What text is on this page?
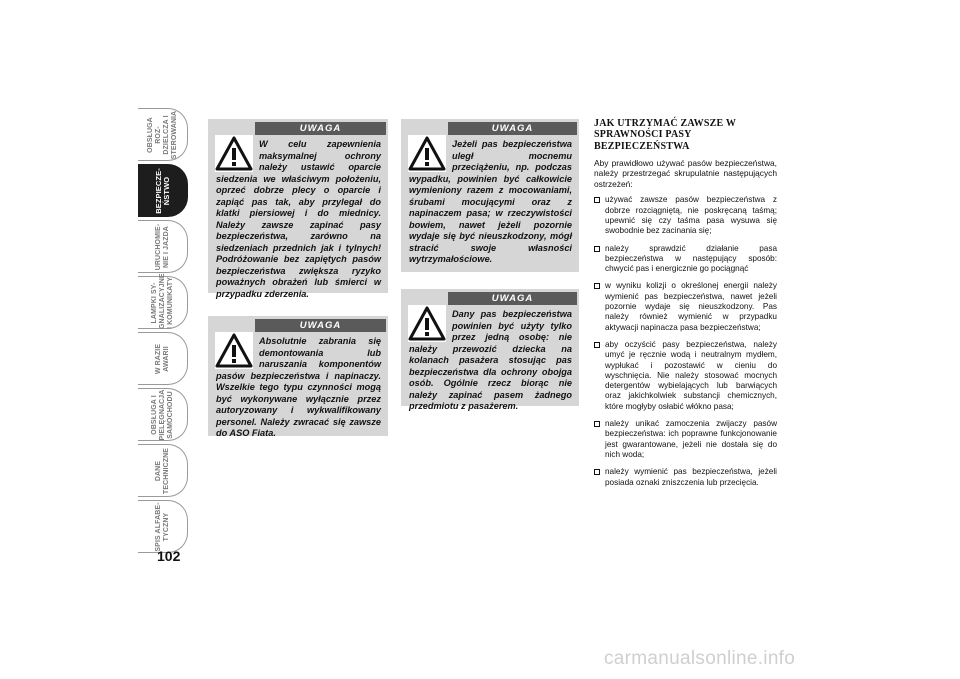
OBSŁUGA ROZ-
DZIELCZA I
STEROWANIA
BEZPIECZE-
ŃSTWO
URUCHOMIE-
NIE I JAZDA
LAMPKI SY-
GNALIZACYJNE
I KOMUNIKATY
W RAZIE
AWARII
OBSŁUGA I
PIELĘGNACJA
SAMOCHODU
DANE
TECHNICZNE
SPIS ALFABE-
TYCZNY
102
UWAGA

W celu zapewnienia maksymalnej ochrony należy ustawić oparcie siedzenia we właściwym położeniu, oprzeć dobrze plecy o oparcie i zapiąć pas tak, aby przylegał do klatki piersiowej i do miednicy. Należy zawsze zapinać pasy bezpieczeństwa, zarówno na siedzeniach przednich jak i tylnych! Podróżowanie bez zapiętych pasów bezpieczeństwa zwiększa ryzyko poważnych obrażeń lub śmierci w przypadku zderzenia.

UWAGA

Absolutnie zabrania się demontowania lub naruszania komponentów pasów bezpieczeństwa i napinaczy. Wszelkie tego typu czynności mogą być wykonywane wyłącznie przez autoryzowany i wykwalifikowany personel. Należy zwracać się zawsze do ASO Fiata.

UWAGA

Jeżeli pas bezpieczeństwa uległ mocnemu przeciążeniu, np. podczas wypadku, powinien być całkowicie wymieniony razem z mocowaniami, śrubami mocującymi oraz z napinaczem pasa; w rzeczywistości bowiem, nawet jeżeli pozornie wydaje się być nieuszkodzony, mógł stracić swoje własności wytrzymałościowe.

UWAGA

Dany pas bezpieczeństwa powinien być użyty tylko przez jedną osobę: nie należy przewozić dziecka na kolanach pasażera stosując pas bezpieczeństwa dla ochrony obojga osób. Ogólnie rzecz biorąc nie należy zapinać pasem żadnego przedmiotu z pasażerem.

JAK UTRZYMAĆ ZAWSZE W SPRAWNOŚCI PASY BEZPIECZEŃSTWA

Aby prawidłowo używać pasów bezpieczeństwa, należy przestrzegać skrupulatnie następujących ostrzeżeń:

używać zawsze pasów bezpieczeństwa z dobrze rozciągniętą, nie poskręcaną taśmą; upewnić się czy taśma pasa wysuwa się swobodnie bez zacinania się;
należy sprawdzić działanie pasa bezpieczeństwa w następujący sposób: chwycić pas i energicznie go pociągnąć
w wyniku kolizji o określonej energii należy wymienić pas bezpieczeństwa, nawet jeżeli pozornie wydaje się nieuszkodzony. Pas należy również wymienić w przypadku aktywacji napinacza pasa bezpieczeństwa;
aby oczyścić pasy bezpieczeństwa, należy umyć je ręcznie wodą i neutralnym mydłem, wypłukać i pozostawić w cieniu do wyschnięcia. Nie należy stosować mocnych detergentów wybielających lub barwiących oraz jakichkolwiek substancji chemicznych, które mogłyby osłabić włókno pasa;
należy unikać zamoczenia zwijaczy pasów bezpieczeństwa: ich poprawne funkcjonowanie jest gwarantowane, jeżeli nie dostała się do nich woda;
należy wymienić pas bezpieczeństwa, jeżeli posiada oznaki zniszczenia lub przecięcia.
carmanualsonline.info
